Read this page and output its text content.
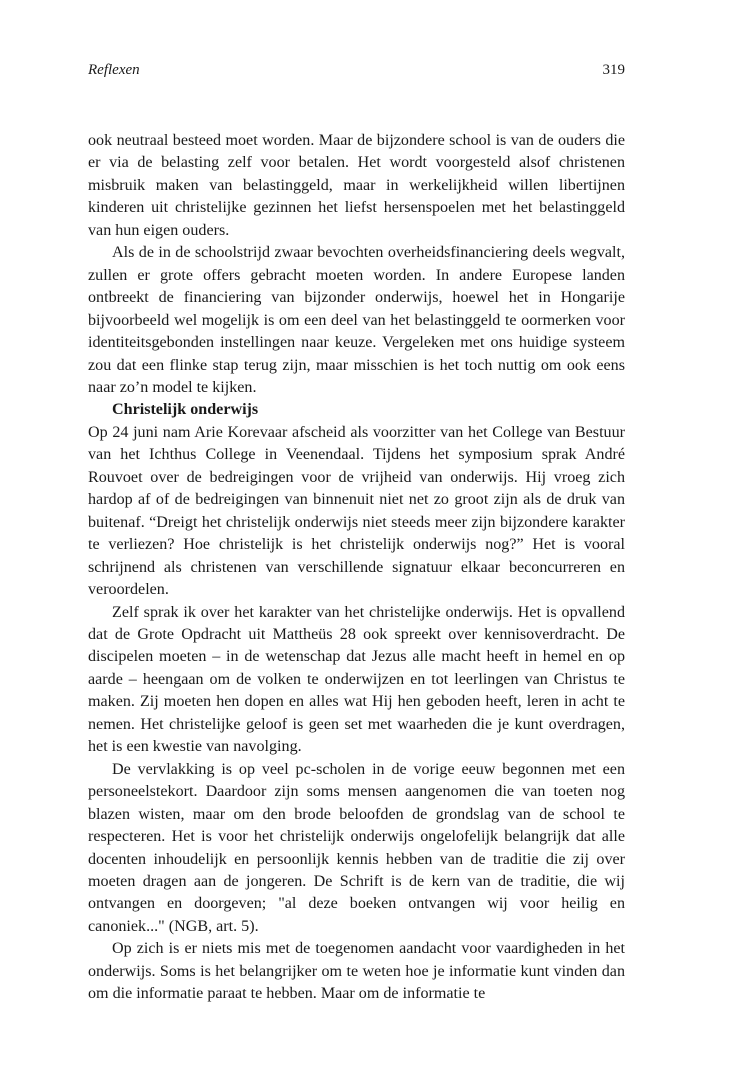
Reflexen	319

ook neutraal besteed moet worden. Maar de bijzondere school is van de ouders die er via de belasting zelf voor betalen. Het wordt voorgesteld alsof christenen misbruik maken van belastinggeld, maar in werkelijkheid willen libertijnen kinderen uit christelijke gezinnen het liefst hersenspoelen met het belastinggeld van hun eigen ouders.

Als de in de schoolstrijd zwaar bevochten overheidsfinanciering deels wegvalt, zullen er grote offers gebracht moeten worden. In andere Europese landen ontbreekt de financiering van bijzonder onderwijs, hoewel het in Hongarije bijvoorbeeld wel mogelijk is om een deel van het belastinggeld te oormerken voor identiteitsgebonden instellingen naar keuze. Vergeleken met ons huidige systeem zou dat een flinke stap terug zijn, maar misschien is het toch nuttig om ook eens naar zo’n model te kijken.

Christelijk onderwijs

Op 24 juni nam Arie Korevaar afscheid als voorzitter van het College van Bestuur van het Ichthus College in Veenendaal. Tijdens het symposium sprak André Rouvoet over de bedreigingen voor de vrijheid van onderwijs. Hij vroeg zich hardop af of de bedreigingen van binnenuit niet net zo groot zijn als de druk van buitenaf. “Dreigt het christelijk onderwijs niet steeds meer zijn bijzondere karakter te verliezen? Hoe christelijk is het christelijk onderwijs nog?” Het is vooral schrijnend als christenen van verschillende signatuur elkaar beconcurreren en veroordelen.

Zelf sprak ik over het karakter van het christelijke onderwijs. Het is opvallend dat de Grote Opdracht uit Mattheüs 28 ook spreekt over kennisoverdracht. De discipelen moeten – in de wetenschap dat Jezus alle macht heeft in hemel en op aarde – heengaan om de volken te onderwijzen en tot leerlingen van Christus te maken. Zij moeten hen dopen en alles wat Hij hen geboden heeft, leren in acht te nemen. Het christelijke geloof is geen set met waarheden die je kunt overdragen, het is een kwestie van navolging.

De vervlakking is op veel pc-scholen in de vorige eeuw begonnen met een personeelstekort. Daardoor zijn soms mensen aangenomen die van toeten nog blazen wisten, maar om den brode beloofden de grondslag van de school te respecteren. Het is voor het christelijk onderwijs ongelofelijk belangrijk dat alle docenten inhoudelijk en persoonlijk kennis hebben van de traditie die zij over moeten dragen aan de jongeren. De Schrift is de kern van de traditie, die wij ontvangen en doorgeven; "al deze boeken ontvangen wij voor heilig en canoniek..." (NGB, art. 5).

Op zich is er niets mis met de toegenomen aandacht voor vaardigheden in het onderwijs. Soms is het belangrijker om te weten hoe je informatie kunt vinden dan om die informatie paraat te hebben. Maar om de informatie te
